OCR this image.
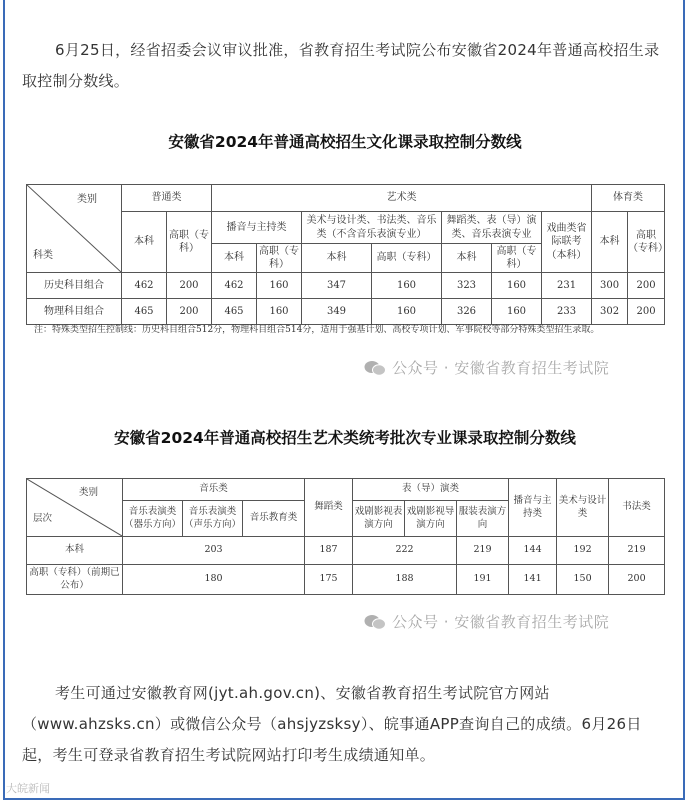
6月25日，经省招委会议审议批准，省教育招生考试院公布安徽省2024年普通高校招生录取控制分数线。

安徽省2024年普通高校招生文化课录取控制分数线
类别
科类	普通类		艺术类							体育类	
	本科	高职（专科）	播音与主持类		美术与设计类、书法类、音乐类（不含音乐表演专业）		舞蹈类、表（导）演类、音乐表演专业		戏曲类省际联考（本科）	本科	高职（专科）
			本科	高职（专科）	本科	高职（专科）	本科	高职（专科）			
历史科目组合	462	200	462	160	347	160	323	160	231	300	200
物理科目组合	465	200	465	160	349	160	326	160	233	302	200
注：特殊类型招生控制线：历史科目组合512分，物理科目组合514分，适用于强基计划、高校专项计划、军事院校等部分特殊类型招生录取。
公众号 · 安徽省教育招生考试院
安徽省2024年普通高校招生艺术类统考批次专业课录取控制分数线
类别
层次	音乐类			舞蹈类	表（导）演类			播音与主持类	美术与设计类	书法类
	音乐表演类（器乐方向）	音乐表演类（声乐方向）	音乐教育类		戏剧影视表演方向	戏剧影视导演方向	服装表演方向			
本科	203			187	222		219	144	192	219
高职（专科）（前期已公布）	180			175	188		191	141	150	200
公众号 · 安徽省教育招生考试院

考生可通过安徽教育网(jyt.ah.gov.cn)、安徽省教育招生考试院官方网站（www.ahzsks.cn）或微信公众号（ahsjyzsksy）、皖事通APP查询自己的成绩。6月26日起，考生可登录省教育招生考试院网站打印考生成绩通知单。

大皖新闻
